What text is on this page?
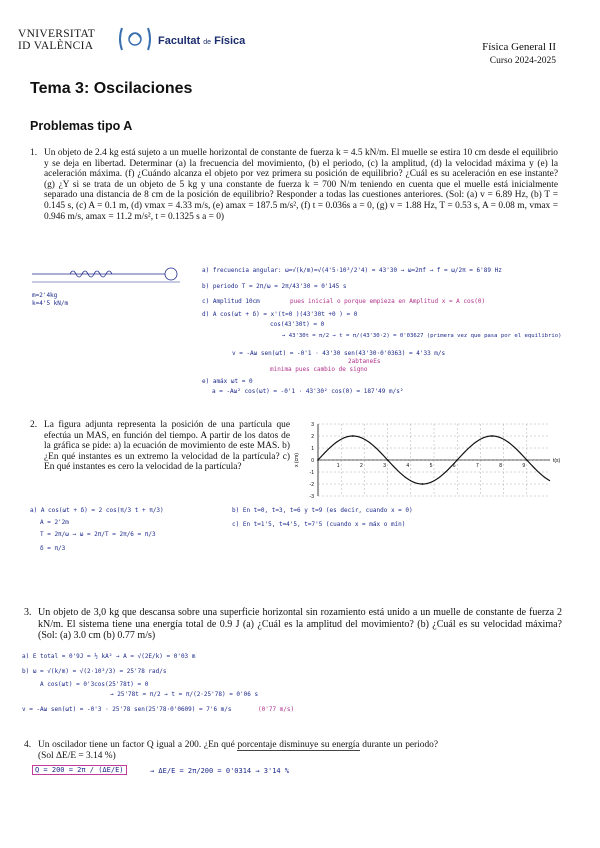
VNIVERSITAT
ID VALÈNCIA	Facultat de Física	Física General II
Curso 2024-2025
Tema 3: Oscilaciones
Problemas tipo A
1. Un objeto de 2.4 kg está sujeto a un muelle horizontal de constante de fuerza k = 4.5 kN/m. El muelle se estira 10 cm desde el equilibrio y se deja en libertad. Determinar (a) la frecuencia del movimiento, (b) el periodo, (c) la amplitud, (d) la velocidad máxima y (e) la aceleración máxima. (f) ¿Cuándo alcanza el objeto por vez primera su posición de equilibrio? ¿Cuál es su aceleración en ese instante? (g) ¿Y si se trata de un objeto de 5 kg y una constante de fuerza k = 700 N/m teniendo en cuenta que el muelle está inicialmente separado una distancia de 8 cm de la posición de equilibrio? Responder a todas las cuestiones anteriores. (Sol: (a) v = 6.89 Hz, (b) T = 0.145 s, (c) A = 0.1 m, (d) vmax = 4.33 m/s, (e) amax = 187.5 m/s², (f) t = 0.036s a = 0, (g) v = 1.88 Hz, T = 0.53 s, A = 0.08 m, vmax = 0.946 m/s, amax = 11.2 m/s², t = 0.1325 s a = 0)
m=2'4kg
k=4'5 kN/m
a) frecuencia angular: ω=√(k/m)=√(4'5·10³/2'4) = 43'30 → ω=2πf → f = ω/2π = 6'89 Hz
b) periodo T = 2π/ω = 2π/43'30 = 0'145 s
c) Amplitud 10cm	pues inicial o porque empieza en Amplitud x = A cos(0)
d) A cos(ωt + δ) = x'(t=0 )(43'30t +0 ) = 0
cos(43'30t) = 0
→ 43'30t = π/2 → t = π/(43'30·2) = 0'03627 (primera vez que pasa por el equilibrio)
v = -Aω sen(ωt) = -0'1 · 43'30 sen(43'30·0'0363) = 4'33 m/s
2abtaneEs
minima pues cambio de signo
e) amáx ωt = 0
a = -Aω² cos(ωt) = -0'1 · 43'30² cos(0) = 187'49 m/s²
2. La figura adjunta representa la posición de una partícula que efectúa un MAS, en función del tiempo. A partir de los datos de la gráfica se pide: a) la ecuación de movimiento de este MAS. b) ¿En qué instantes es un extremo la velocidad de la partícula? c) En qué instantes es cero la velocidad de la partícula?
3
2
1
0
-1
-2
-3
1	2	3	4	5	6	7	8	9
t(s)
x (cm)
a) A cos(ωt + δ) = 2 cos(π/3 t + π/3)
A = 2'2m
T = 2π/ω → ω = 2π/T = 2π/6 = π/3
δ = π/3
b) En t=0, t=3, t=6 y t=9 (es decir, cuando x = 0)
c) En t=1'5, t=4'5, t=7'5 (cuando x = máx o mín)
3. Un objeto de 3,0 kg que descansa sobre una superficie horizontal sin rozamiento está unido a un muelle de constante de fuerza 2 kN/m. El sistema tiene una energía total de 0.9 J (a) ¿Cuál es la amplitud del movimiento? (b) ¿Cuál es su velocidad máxima? (Sol: (a) 3.0 cm (b) 0.77 m/s)
a) E total = 0'9J = ½ kA² → A = √(2E/k) = 0'03 m
b) ω = √(k/m) = √(2·10³/3) = 25'78 rad/s
A cos(ωt) = 0'3cos(25'78t) = 0
→ 25'78t = π/2 → t = π/(2·25'78) = 0'06 s
v = -Aω sen(ωt) = -0'3 · 25'78 sen(25'78·0'0609) = 7'6 m/s	(0'77 m/s)
4. Un oscilador tiene un factor Q igual a 200. ¿En qué porcentaje disminuye su energía durante un periodo? (Sol ΔE/E = 3.14 %)
Q = 200 = 2π / (ΔE/E)	→ ΔE/E = 2π/200 = 0'0314 → 3'14 %
